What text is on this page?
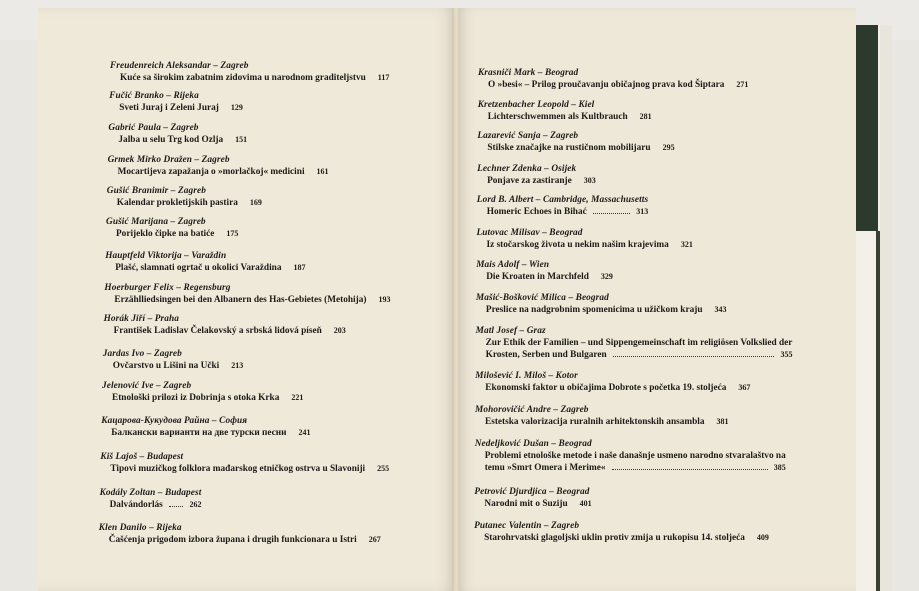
Freudenreich Aleksandar – Zagreb
Kuće sa širokim zabatnim zidovima u narodnom graditeljstvu 117
Fučić Branko – Rijeka
Sveti Juraj i Zeleni Juraj 129
Gabrić Paula – Zagreb
Jalba u selu Trg kod Ozlja 151
Grmek Mirko Dražen – Zagreb
Mocartijeva zapažanja o »morlačkoj« medicini 161
Gušić Branimir – Zagreb
Kalendar prokletijskih pastira 169
Gušić Marijana – Zagreb
Porijeklo čipke na batiće 175
Hauptfeld Viktorija – Varaždin
Plašć, slamnati ogrtač u okolici Varaždina 187
Hoerburger Felix – Regensburg
Erzählliedsingen bei den Albanern des Has-Gebietes (Metohija) 193
Horák Jiří – Praha
František Ladislav Čelakovský a srbská lidová píseň 203
Jardas Ivo – Zagreb
Ovčarstvo u Lišini na Učki 213
Jelenović Ive – Zagreb
Etnološki prilozi iz Dobrinja s otoka Krka 221
Кацарова-Кукудова Райна – София
Балкански варианти на две турски песни 241
Kiš Lajoš – Budapest
Tipovi muzičkog folklora mađarskog etničkog ostrva u Slavoniji 255
Kodály Zoltan – Budapest
Dalvándorlás	262
Klen Danilo – Rijeka
Čašćenja prigodom izbora župana i drugih funkcionara u Istri 267
Krasniči Mark – Beograd
O »besi« – Prilog proučavanju običajnog prava kod Šiptara 271
Kretzenbacher Leopold – Kiel
Lichterschwemmen als Kultbrauch 281
Lazarević Sanja – Zagreb
Stilske značajke na rustičnom mobilijaru 295
Lechner Zdenka – Osijek
Ponjave za zastiranje 303
Lord B. Albert – Cambridge, Massachusetts
Homeric Echoes in Bihać	313
Lutovac Milisav – Beograd
Iz stočarskog života u nekim našim krajevima 321
Mais Adolf – Wien
Die Kroaten in Marchfeld 329
Mašić-Bošković Milica – Beograd
Preslice na nadgrobnim spomenicima u užičkom kraju 343
Matl Josef – Graz
Zur Ethik der Familien – und Sippengemeinschaft im religiösen Volkslied der
Krosten, Serben und Bulgaren	355
Milošević I. Miloš – Kotor
Ekonomski faktor u običajima Dobrote s početka 19. stoljeća 367
Mohorovičić Andre – Zagreb
Estetska valorizacija ruralnih arhitektonskih ansambla 381
Nedeljković Dušan – Beograd
Problemi etnološke metode i naše današnje usmeno narodno stvaralaštvo na
temu »Smrt Omera i Merime«	385
Petrović Djurdjica – Beograd
Narodni mit o Suziju 401
Putanec Valentin – Zagreb
Starohrvatski glagoljski uklin protiv zmija u rukopisu 14. stoljeća 409
